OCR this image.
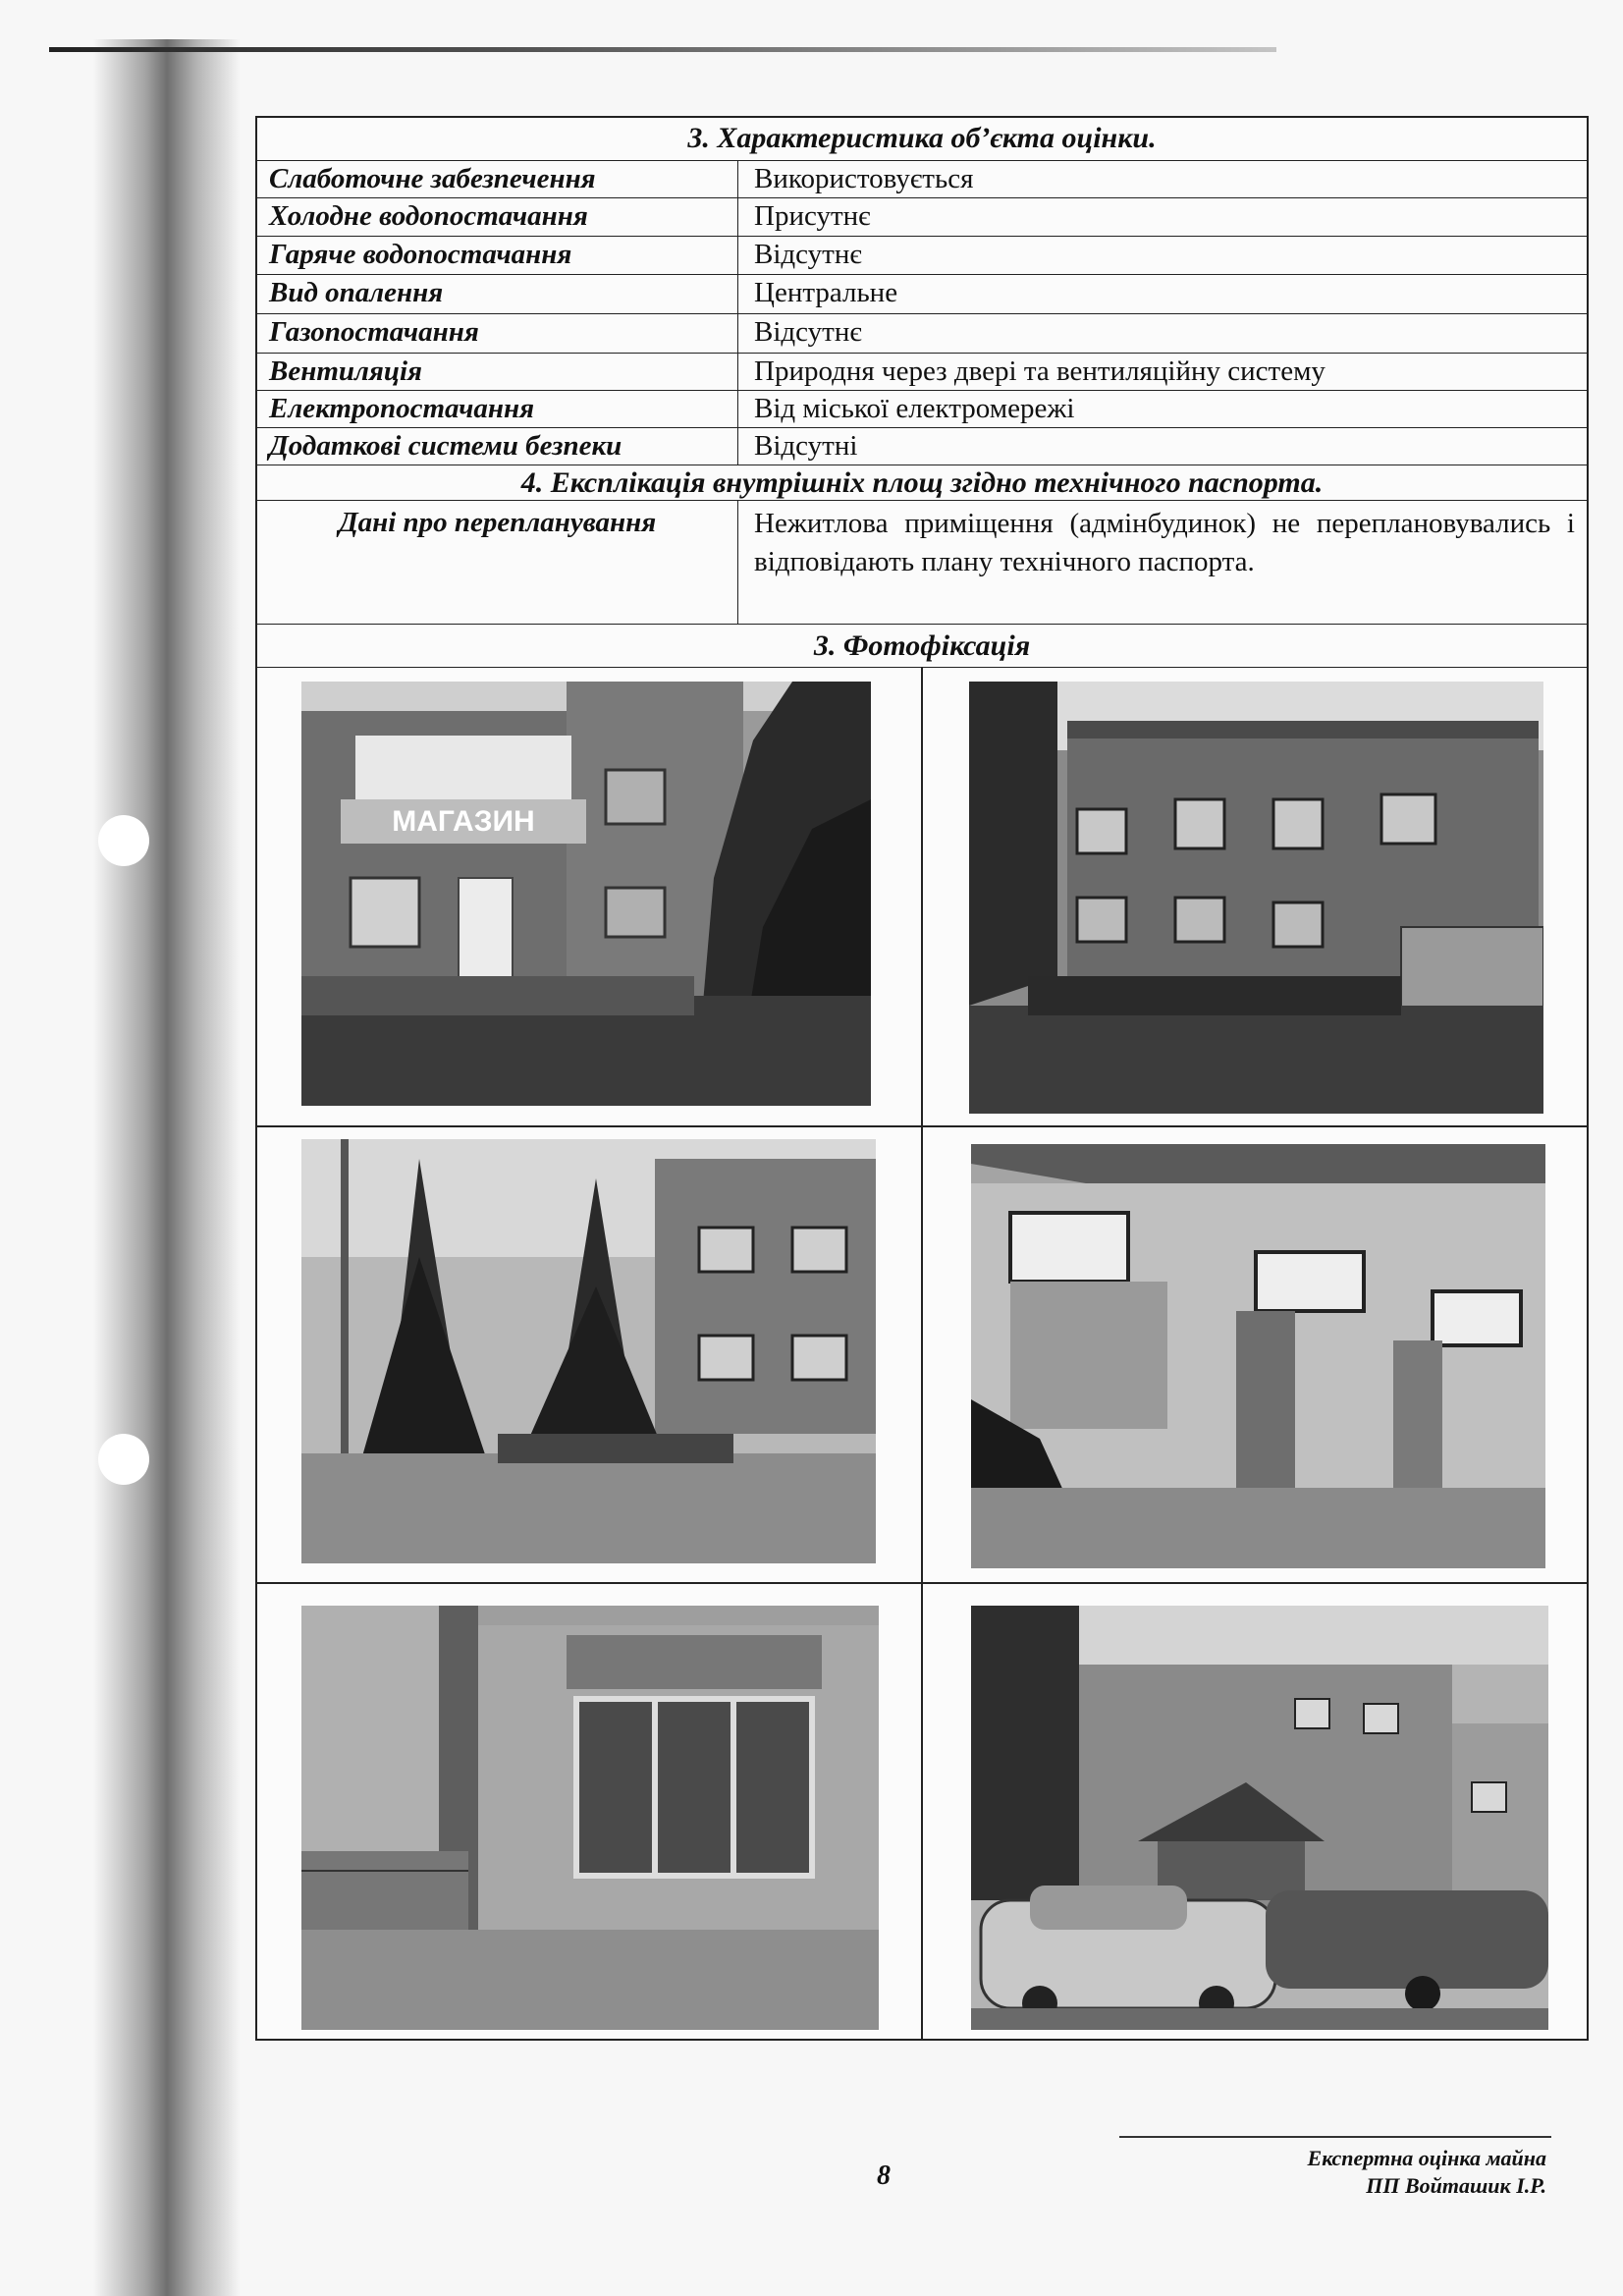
3. Характеристика об’єкта оцінки.
Слаботочне забезпечення	Використовується
Холодне водопостачання	Присутнє
Гаряче водопостачання	Відсутнє
Вид опалення	Центральне
Газопостачання	Відсутнє
Вентиляція	Природня через двері та вентиляційну систему
Електропостачання	Від міської електромережі
Додаткові системи безпеки	Відсутні
4. Експлікація внутрішніх площ згідно технічного паспорта.
Дані про перепланування	Нежитлова приміщення (адмінбудинок) не переплановувались і відповідають плану технічного паспорта.
3. Фотофіксація
МАГАЗИН
Експертна оцінка майна
ПП Войташик І.Р.
8
